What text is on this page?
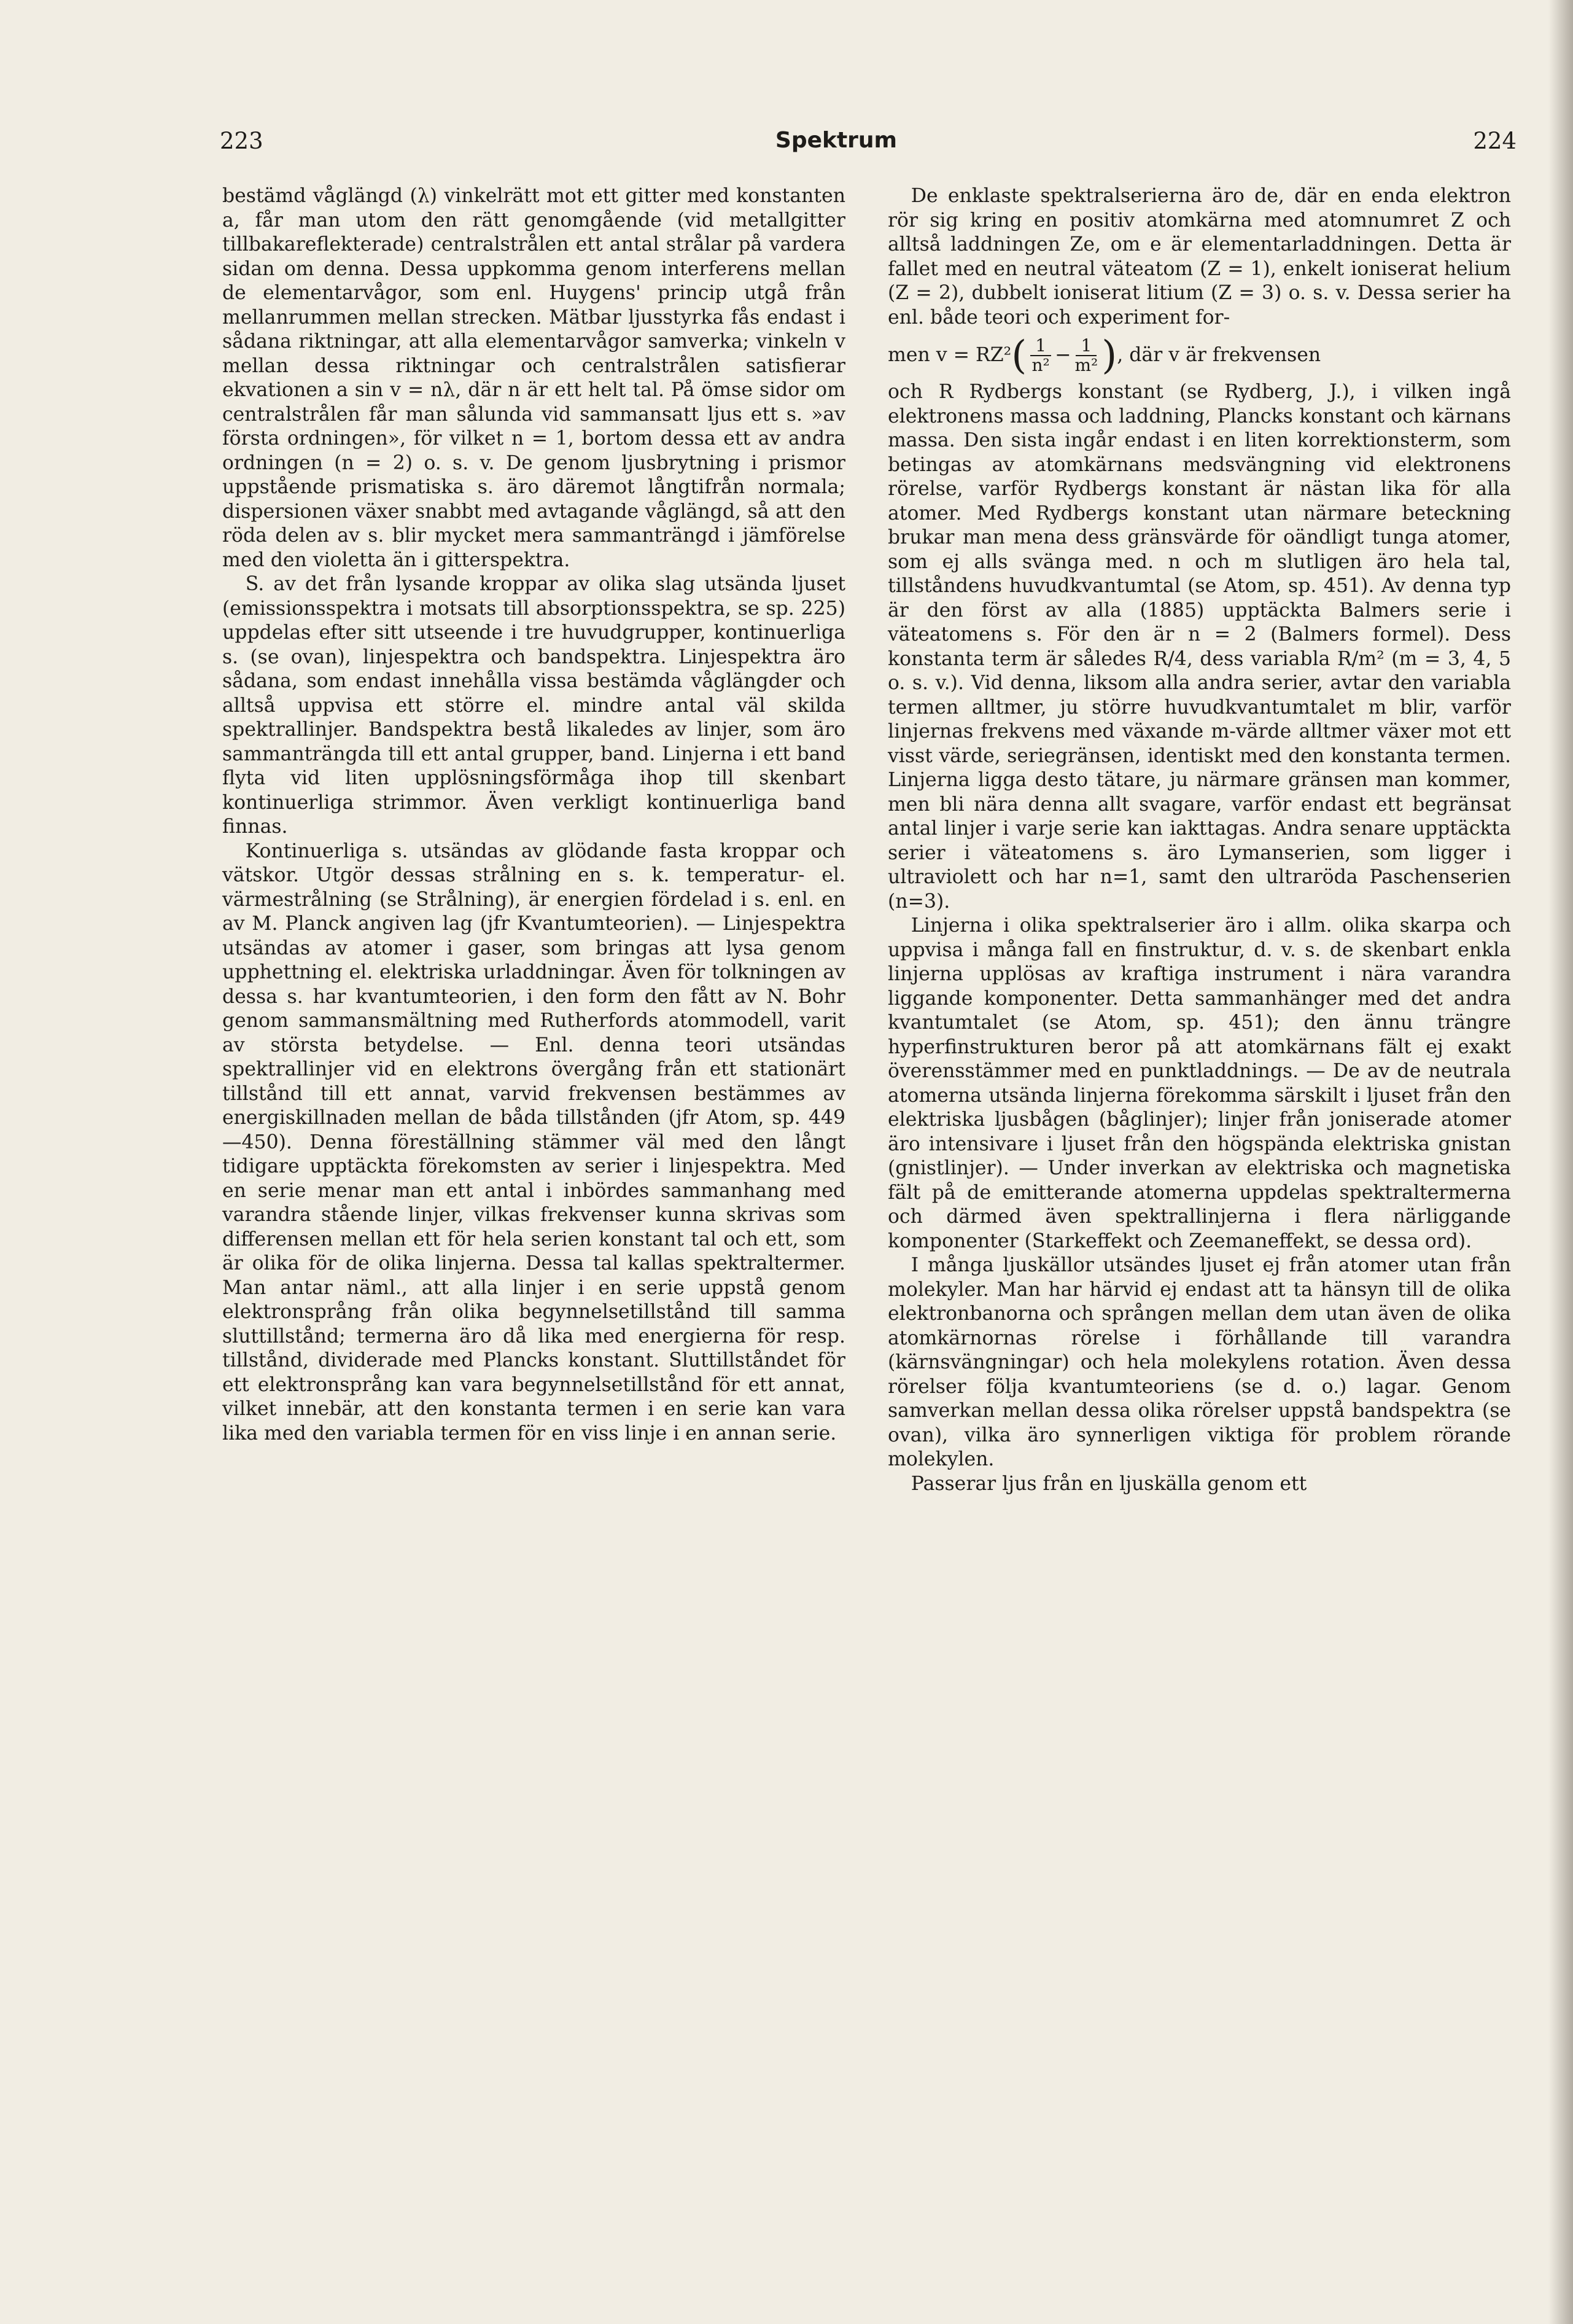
223	Spektrum	224

bestämd våglängd (λ) vinkelrätt mot ett gitter med konstanten a, får man utom den rätt genomgående (vid metallgitter tillbakareflekterade) centralstrålen ett antal strålar på vardera sidan om denna. Dessa uppkomma genom interferens mellan de elementarvågor, som enl. Huygens' princip utgå från mellanrummen mellan strecken. Mätbar ljusstyrka fås endast i sådana riktningar, att alla elementarvågor samverka; vinkeln v mellan dessa riktningar och centralstrålen satisfierar ekvationen a sin v = nλ, där n är ett helt tal. På ömse sidor om centralstrålen får man sålunda vid sammansatt ljus ett s. »av första ordningen», för vilket n = 1, bortom dessa ett av andra ordningen (n = 2) o. s. v. De genom ljusbrytning i prismor uppstående prismatiska s. äro däremot långtifrån normala; dispersionen växer snabbt med avtagande våglängd, så att den röda delen av s. blir mycket mera sammanträngd i jämförelse med den violetta än i gitterspektra.

S. av det från lysande kroppar av olika slag utsända ljuset (emissionsspektra i motsats till absorptionsspektra, se sp. 225) uppdelas efter sitt utseende i tre huvudgrupper, kontinuerliga s. (se ovan), linjespektra och bandspektra. Linjespektra äro sådana, som endast innehålla vissa bestämda våglängder och alltså uppvisa ett större el. mindre antal väl skilda spektrallinjer. Bandspektra bestå likaledes av linjer, som äro sammanträngda till ett antal grupper, band. Linjerna i ett band flyta vid liten upplösningsförmåga ihop till skenbart kontinuerliga strimmor. Även verkligt kontinuerliga band finnas.

Kontinuerliga s. utsändas av glödande fasta kroppar och vätskor. Utgör dessas strålning en s. k. temperatur- el. värmestrålning (se Strålning), är energien fördelad i s. enl. en av M. Planck angiven lag (jfr Kvantumteorien). — Linjespektra utsändas av atomer i gaser, som bringas att lysa genom upphettning el. elektriska urladdningar. Även för tolkningen av dessa s. har kvantumteorien, i den form den fått av N. Bohr genom sammansmältning med Rutherfords atommodell, varit av största betydelse. — Enl. denna teori utsändas spektrallinjer vid en elektrons övergång från ett stationärt tillstånd till ett annat, varvid frekvensen bestämmes av energiskillnaden mellan de båda tillstånden (jfr Atom, sp. 449—450). Denna föreställning stämmer väl med den långt tidigare upptäckta förekomsten av serier i linjespektra. Med en serie menar man ett antal i inbördes sammanhang med varandra stående linjer, vilkas frekvenser kunna skrivas som differensen mellan ett för hela serien konstant tal och ett, som är olika för de olika linjerna. Dessa tal kallas spektraltermer. Man antar näml., att alla linjer i en serie uppstå genom elektronsprång från olika begynnelsetillstånd till samma sluttillstånd; termerna äro då lika med energierna för resp. tillstånd, dividerade med Plancks konstant. Sluttillståndet för ett elektronsprång kan vara begynnelsetillstånd för ett annat, vilket innebär, att den konstanta termen i en serie kan vara lika med den variabla termen för en viss linje i en annan serie.

De enklaste spektralserierna äro de, där en enda elektron rör sig kring en positiv atomkärna med atomnumret Z och alltså laddningen Ze, om e är elementarladdningen. Detta är fallet med en neutral väteatom (Z = 1), enkelt ioniserat helium (Z = 2), dubbelt ioniserat litium (Z = 3) o. s. v. Dessa serier ha enl. både teori och experiment for-

men v = RZ² ( $\frac{1}{\text{n²}} - \frac{1}{\text{m²}}$ ) , där v är frekvensen

och R Rydbergs konstant (se Rydberg, J.), i vilken ingå elektronens massa och laddning, Plancks konstant och kärnans massa. Den sista ingår endast i en liten korrektionsterm, som betingas av atomkärnans medsvängning vid elektronens rörelse, varför Rydbergs konstant är nästan lika för alla atomer. Med Rydbergs konstant utan närmare beteckning brukar man mena dess gränsvärde för oändligt tunga atomer, som ej alls svänga med. n och m slutligen äro hela tal, tillståndens huvudkvantumtal (se Atom, sp. 451). Av denna typ är den först av alla (1885) upptäckta Balmers serie i väteatomens s. För den är n = 2 (Balmers formel). Dess konstanta term är således R/4, dess variabla R/m² (m = 3, 4, 5 o. s. v.). Vid denna, liksom alla andra serier, avtar den variabla termen alltmer, ju större huvudkvantumtalet m blir, varför linjernas frekvens med växande m-värde alltmer växer mot ett visst värde, seriegränsen, identiskt med den konstanta termen. Linjerna ligga desto tätare, ju närmare gränsen man kommer, men bli nära denna allt svagare, varför endast ett begränsat antal linjer i varje serie kan iakttagas. Andra senare upptäckta serier i väteatomens s. äro Lymanserien, som ligger i ultraviolett och har n=1, samt den ultraröda Paschenserien (n=3).

Linjerna i olika spektralserier äro i allm. olika skarpa och uppvisa i många fall en finstruktur, d. v. s. de skenbart enkla linjerna upplösas av kraftiga instrument i nära varandra liggande komponenter. Detta sammanhänger med det andra kvantumtalet (se Atom, sp. 451); den ännu trängre hyperfinstrukturen beror på att atomkärnans fält ej exakt överensstämmer med en punktladdnings. — De av de neutrala atomerna utsända linjerna förekomma särskilt i ljuset från den elektriska ljusbågen (båglinjer); linjer från joniserade atomer äro intensivare i ljuset från den högspända elektriska gnistan (gnistlinjer). — Under inverkan av elektriska och magnetiska fält på de emitterande atomerna uppdelas spektraltermerna och därmed även spektrallinjerna i flera närliggande komponenter (Starkeffekt och Zeemaneffekt, se dessa ord).

I många ljuskällor utsändes ljuset ej från atomer utan från molekyler. Man har härvid ej endast att ta hänsyn till de olika elektronbanorna och sprången mellan dem utan även de olika atomkärnornas rörelse i förhållande till varandra (kärnsvängningar) och hela molekylens rotation. Även dessa rörelser följa kvantumteoriens (se d. o.) lagar. Genom samverkan mellan dessa olika rörelser uppstå bandspektra (se ovan), vilka äro synnerligen viktiga för problem rörande molekylen.

Passerar ljus från en ljuskälla genom ett
